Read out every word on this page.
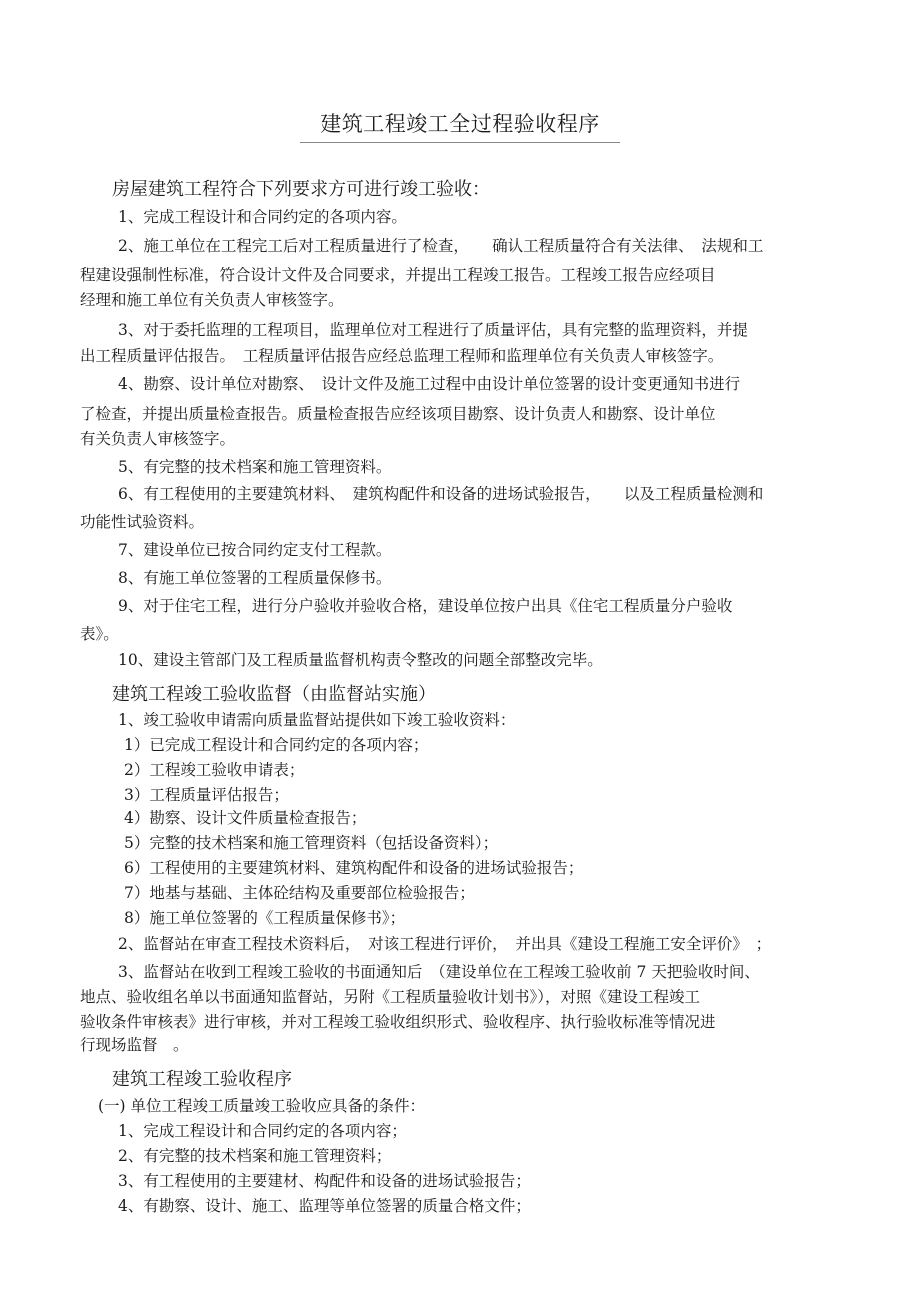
建筑工程竣工全过程验收程序
房屋建筑工程符合下列要求方可进行竣工验收：
1、完成工程设计和合同约定的各项内容。
2、施工单位在工程完工后对工程质量进行了检查，　　确认工程质量符合有关法律、　法规和工
程建设强制性标准，符合设计文件及合同要求，并提出工程竣工报告。工程竣工报告应经项目
经理和施工单位有关负责人审核签字。
3、对于委托监理的工程项目，监理单位对工程进行了质量评估，具有完整的监理资料，并提
出工程质量评估报告。　工程质量评估报告应经总监理工程师和监理单位有关负责人审核签字。
4、勘察、设计单位对勘察、　设计文件及施工过程中由设计单位签署的设计变更通知书进行
了检查，并提出质量检查报告。质量检查报告应经该项目勘察、设计负责人和勘察、设计单位
有关负责人审核签字。
5、有完整的技术档案和施工管理资料。
6、有工程使用的主要建筑材料、　建筑构配件和设备的进场试验报告，　　以及工程质量检测和
功能性试验资料。
7、建设单位已按合同约定支付工程款。
8、有施工单位签署的工程质量保修书。
9、对于住宅工程，进行分户验收并验收合格，建设单位按户出具《住宅工程质量分户验收
表》。
10、建设主管部门及工程质量监督机构责令整改的问题全部整改完毕。
建筑工程竣工验收监督（由监督站实施）
1、竣工验收申请需向质量监督站提供如下竣工验收资料：
1）已完成工程设计和合同约定的各项内容；
2）工程竣工验收申请表；
3）工程质量评估报告；
4）勘察、设计文件质量检查报告；
5）完整的技术档案和施工管理资料（包括设备资料）；
6）工程使用的主要建筑材料、建筑构配件和设备的进场试验报告；
7）地基与基础、主体砼结构及重要部位检验报告；
8）施工单位签署的《工程质量保修书》；
2、监督站在审查工程技术资料后，　对该工程进行评价，　并出具《建设工程施工安全评价》　；
3、监督站在收到工程竣工验收的书面通知后　（建设单位在工程竣工验收前 7 天把验收时间、
地点、验收组名单以书面通知监督站，另附《工程质量验收计划书》），对照《建设工程竣工
验收条件审核表》进行审核，并对工程竣工验收组织形式、验收程序、执行验收标准等情况进
行现场监督　。
建筑工程竣工验收程序
(一) 单位工程竣工质量竣工验收应具备的条件：
1、完成工程设计和合同约定的各项内容；
2、有完整的技术档案和施工管理资料；
3、有工程使用的主要建材、构配件和设备的进场试验报告；
4、有勘察、设计、施工、监理等单位签署的质量合格文件；
